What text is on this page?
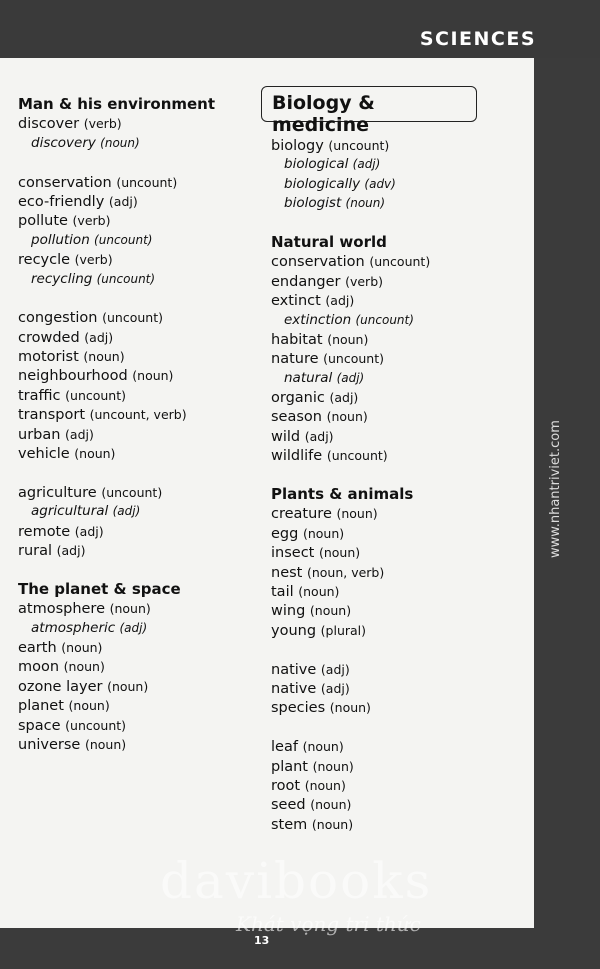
SCIENCES
Man & his environment
discover (verb)
discovery (noun)
conservation (uncount)
eco-friendly (adj)
pollute (verb)
pollution (uncount)
recycle (verb)
recycling (uncount)
congestion (uncount)
crowded (adj)
motorist (noun)
neighbourhood (noun)
traffic (uncount)
transport (uncount, verb)
urban (adj)
vehicle (noun)
agriculture (uncount)
agricultural (adj)
remote (adj)
rural (adj)
The planet & space
atmosphere (noun)
atmospheric (adj)
earth (noun)
moon (noun)
ozone layer (noun)
planet (noun)
space (uncount)
universe (noun)
Biology & medicine
biology (uncount)
biological (adj)
biologically (adv)
biologist (noun)
Natural world
conservation (uncount)
endanger (verb)
extinct (adj)
extinction (uncount)
habitat (noun)
nature (uncount)
natural (adj)
organic (adj)
season (noun)
wild (adj)
wildlife (uncount)
Plants & animals
creature (noun)
egg (noun)
insect (noun)
nest (noun, verb)
tail (noun)
wing (noun)
young (plural)
native (adj)
native (adj)
species (noun)
leaf (noun)
plant (noun)
root (noun)
seed (noun)
stem (noun)
davibooks
Khát vọng tri thức
13
www.nhantriviet.com
